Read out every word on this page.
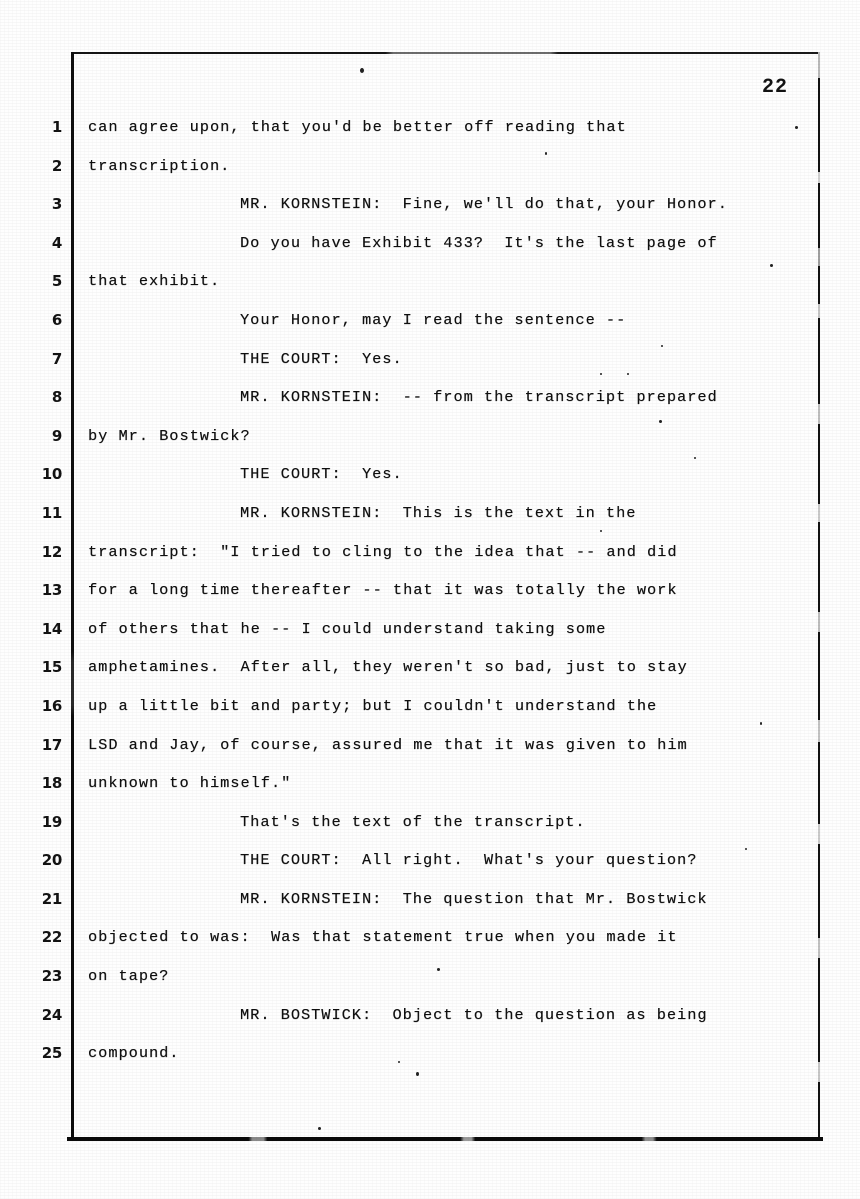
22
1
2
3
4
5
6
7
8
9
10
11
12
13
14
15
16
17
18
19
20
21
22
23
24
25
can agree upon, that you'd be better off reading that
transcription.
MR. KORNSTEIN:  Fine, we'll do that, your Honor.
Do you have Exhibit 433?  It's the last page of
that exhibit.
Your Honor, may I read the sentence --
THE COURT:  Yes.
MR. KORNSTEIN:  -- from the transcript prepared
by Mr. Bostwick?
THE COURT:  Yes.
MR. KORNSTEIN:  This is the text in the
transcript:  "I tried to cling to the idea that -- and did
for a long time thereafter -- that it was totally the work
of others that he -- I could understand taking some
amphetamines.  After all, they weren't so bad, just to stay
up a little bit and party; but I couldn't understand the
LSD and Jay, of course, assured me that it was given to him
unknown to himself."
That's the text of the transcript.
THE COURT:  All right.  What's your question?
MR. KORNSTEIN:  The question that Mr. Bostwick
objected to was:  Was that statement true when you made it
on tape?
MR. BOSTWICK:  Object to the question as being
compound.
